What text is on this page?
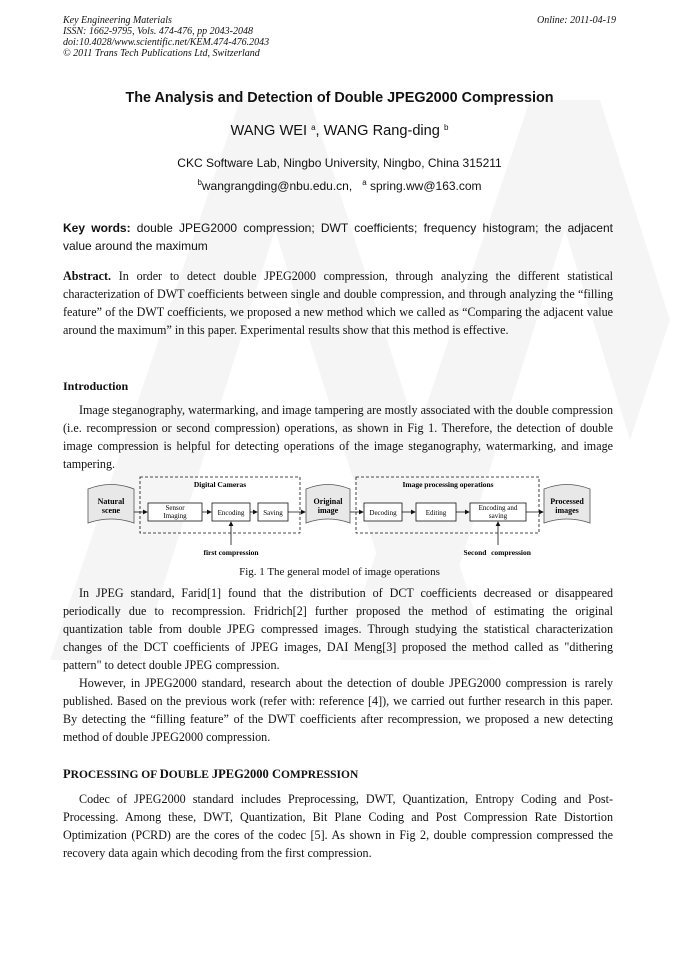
Key Engineering Materials
ISSN: 1662-9795, Vols. 474-476, pp 2043-2048
doi:10.4028/www.scientific.net/KEM.474-476.2043
© 2011 Trans Tech Publications Ltd, Switzerland
Online: 2011-04-19
The Analysis and Detection of Double JPEG2000 Compression
WANG WEI $^a$, WANG Rang-ding $^b$
CKC Software Lab, Ningbo University, Ningbo, China 315211
$^b$wangrangding@nbu.edu.cn, $^a$ spring.ww@163.com
Key words: double JPEG2000 compression; DWT coefficients; frequency histogram; the adjacent value around the maximum

Abstract. In order to detect double JPEG2000 compression, through analyzing the different statistical characterization of DWT coefficients between single and double compression, and through analyzing the “filling feature” of the DWT coefficients, we proposed a new method which we called as “Comparing the adjacent value around the maximum” in this paper. Experimental results show that this method is effective.

Introduction

Image steganography, watermarking, and image tampering are mostly associated with the double compression (i.e. recompression or second compression) operations, as shown in Fig 1. Therefore, the detection of double image compression is helpful for detecting operations of the image steganography, watermarking, and image tampering.

Natural
scene
Digital Cameras
Sensor
Imaging	Encoding	Saving
Original
image
Image processing operations
Decoding	Editing
Encoding and
saving
Processed
images
first compression	Second compression
Fig. 1 The general model of image operations

In JPEG standard, Farid[1] found that the distribution of DCT coefficients decreased or disappeared periodically due to recompression. Fridrich[2] further proposed the method of estimating the original quantization table from double JPEG compressed images. Through studying the statistical characterization changes of the DCT coefficients of JPEG images, DAI Meng[3] proposed the method called as "dithering pattern" to detect double JPEG compression.

However, in JPEG2000 standard, research about the detection of double JPEG2000 compression is rarely published. Based on the previous work (refer with: reference [4]), we carried out further research in this paper. By detecting the “filling feature” of the DWT coefficients after recompression, we proposed a new detecting method of double JPEG2000 compression.

PROCESSING OF DOUBLE JPEG2000 COMPRESSION

Codec of JPEG2000 standard includes Preprocessing, DWT, Quantization, Entropy Coding and Post-Processing. Among these, DWT, Quantization, Bit Plane Coding and Post Compression Rate Distortion Optimization (PCRD) are the cores of the codec [5]. As shown in Fig 2, double compression compressed the recovery data again which decoding from the first compression.
